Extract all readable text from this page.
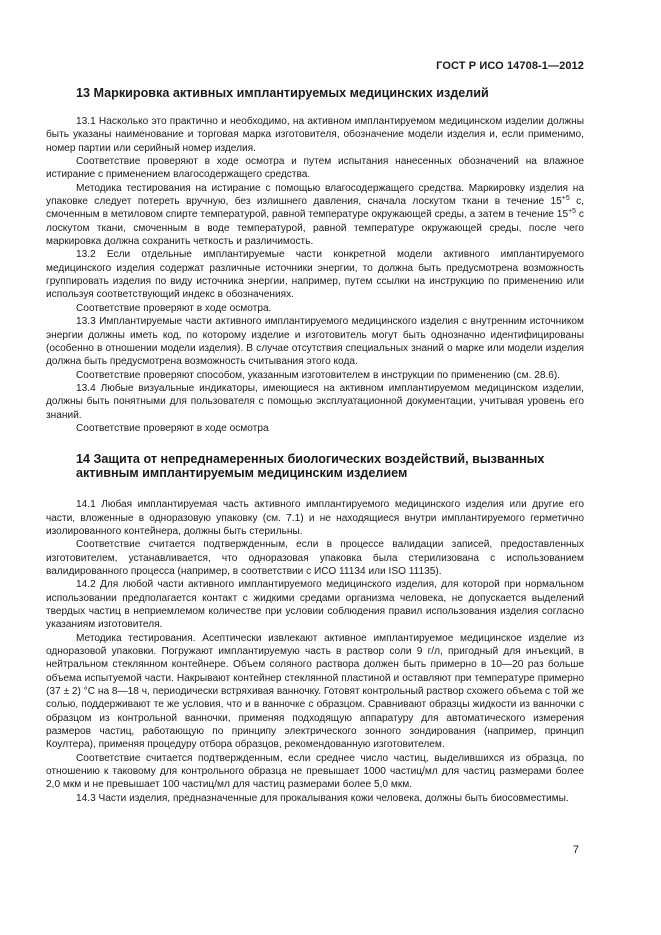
ГОСТ Р ИСО 14708-1—2012
13 Маркировка активных имплантируемых медицинских изделий

13.1 Насколько это практично и необходимо, на активном имплантируемом медицинском изделии должны быть указаны наименование и торговая марка изготовителя, обозначение модели изделия и, если применимо, номер партии или серийный номер изделия.

Соответствие проверяют в ходе осмотра и путем испытания нанесенных обозначений на влажное истирание с применением влагосодержащего средства.

Методика тестирования на истирание с помощью влагосодержащего средства. Маркировку изделия на упаковке следует потереть вручную, без излишнего давления, сначала лоскутом ткани в течение $15^{+5}$ с, смоченным в метиловом спирте температурой, равной температуре окружающей среды, а затем в течение $15^{+5}$ с лоскутом ткани, смоченным в воде температурой, равной температуре окружающей среды, после чего маркировка должна сохранить четкость и различимость.

13.2 Если отдельные имплантируемые части конкретной модели активного имплантируемого медицинского изделия содержат различные источники энергии, то должна быть предусмотрена возможность группировать изделия по виду источника энергии, например, путем ссылки на инструкцию по применению или используя соответствующий индекс в обозначениях.

Соответствие проверяют в ходе осмотра.

13.3 Имплантируемые части активного имплантируемого медицинского изделия с внутренним источником энергии должны иметь код, по которому изделие и изготовитель могут быть однозначно идентифицированы (особенно в отношении модели изделия). В случае отсутствия специальных знаний о марке или модели изделия должна быть предусмотрена возможность считывания этого кода.

Соответствие проверяют способом, указанным изготовителем в инструкции по применению (см. 28.6).

13.4 Любые визуальные индикаторы, имеющиеся на активном имплантируемом медицинском изделии, должны быть понятными для пользователя с помощью эксплуатационной документации, учитывая уровень его знаний.

Соответствие проверяют в ходе осмотра

14 Защита от непреднамеренных биологических воздействий, вызванных
активным имплантируемым медицинским изделием

14.1 Любая имплантируемая часть активного имплантируемого медицинского изделия или другие его части, вложенные в одноразовую упаковку (см. 7.1) и не находящиеся внутри имплантируемого герметично изолированного контейнера, должны быть стерильны.

Соответствие считается подтвержденным, если в процессе валидации записей, предоставленных изготовителем, устанавливается, что одноразовая упаковка была стерилизована с использованием валидированного процесса (например, в соответствии с ИСО 11134 или ISO 11135).

14.2 Для любой части активного имплантируемого медицинского изделия, для которой при нормальном использовании предполагается контакт с жидкими средами организма человека, не допускается выделений твердых частиц в неприемлемом количестве при условии соблюдения правил использования изделия согласно указаниям изготовителя.

Методика тестирования. Асептически извлекают активное имплантируемое медицинское изделие из одноразовой упаковки. Погружают имплантируемую часть в раствор соли 9 г/л, пригодный для инъекций, в нейтральном стеклянном контейнере. Объем соляного раствора должен быть примерно в 10—20 раз больше объема испытуемой части. Накрывают контейнер стеклянной пластиной и оставляют при температуре примерно (37 ± 2) °С на 8—18 ч, периодически встряхивая ванночку. Готовят контрольный раствор схожего объема с той же солью, поддерживают те же условия, что и в ванночке с образцом. Сравнивают образцы жидкости из ванночки с образцом из контрольной ванночки, применяя подходящую аппаратуру для автоматического измерения размеров частиц, работающую по принципу электрического зонного зондирования (например, принцип Коултера), применяя процедуру отбора образцов, рекомендованную изготовителем.

Соответствие считается подтвержденным, если среднее число частиц, выделившихся из образца, по отношению к таковому для контрольного образца не превышает 1000 частиц/мл для частиц размерами более 2,0 мкм и не превышает 100 частиц/мл для частиц размерами более 5,0 мкм.

14.3 Части изделия, предназначенные для прокалывания кожи человека, должны быть биосовместимы.

7
